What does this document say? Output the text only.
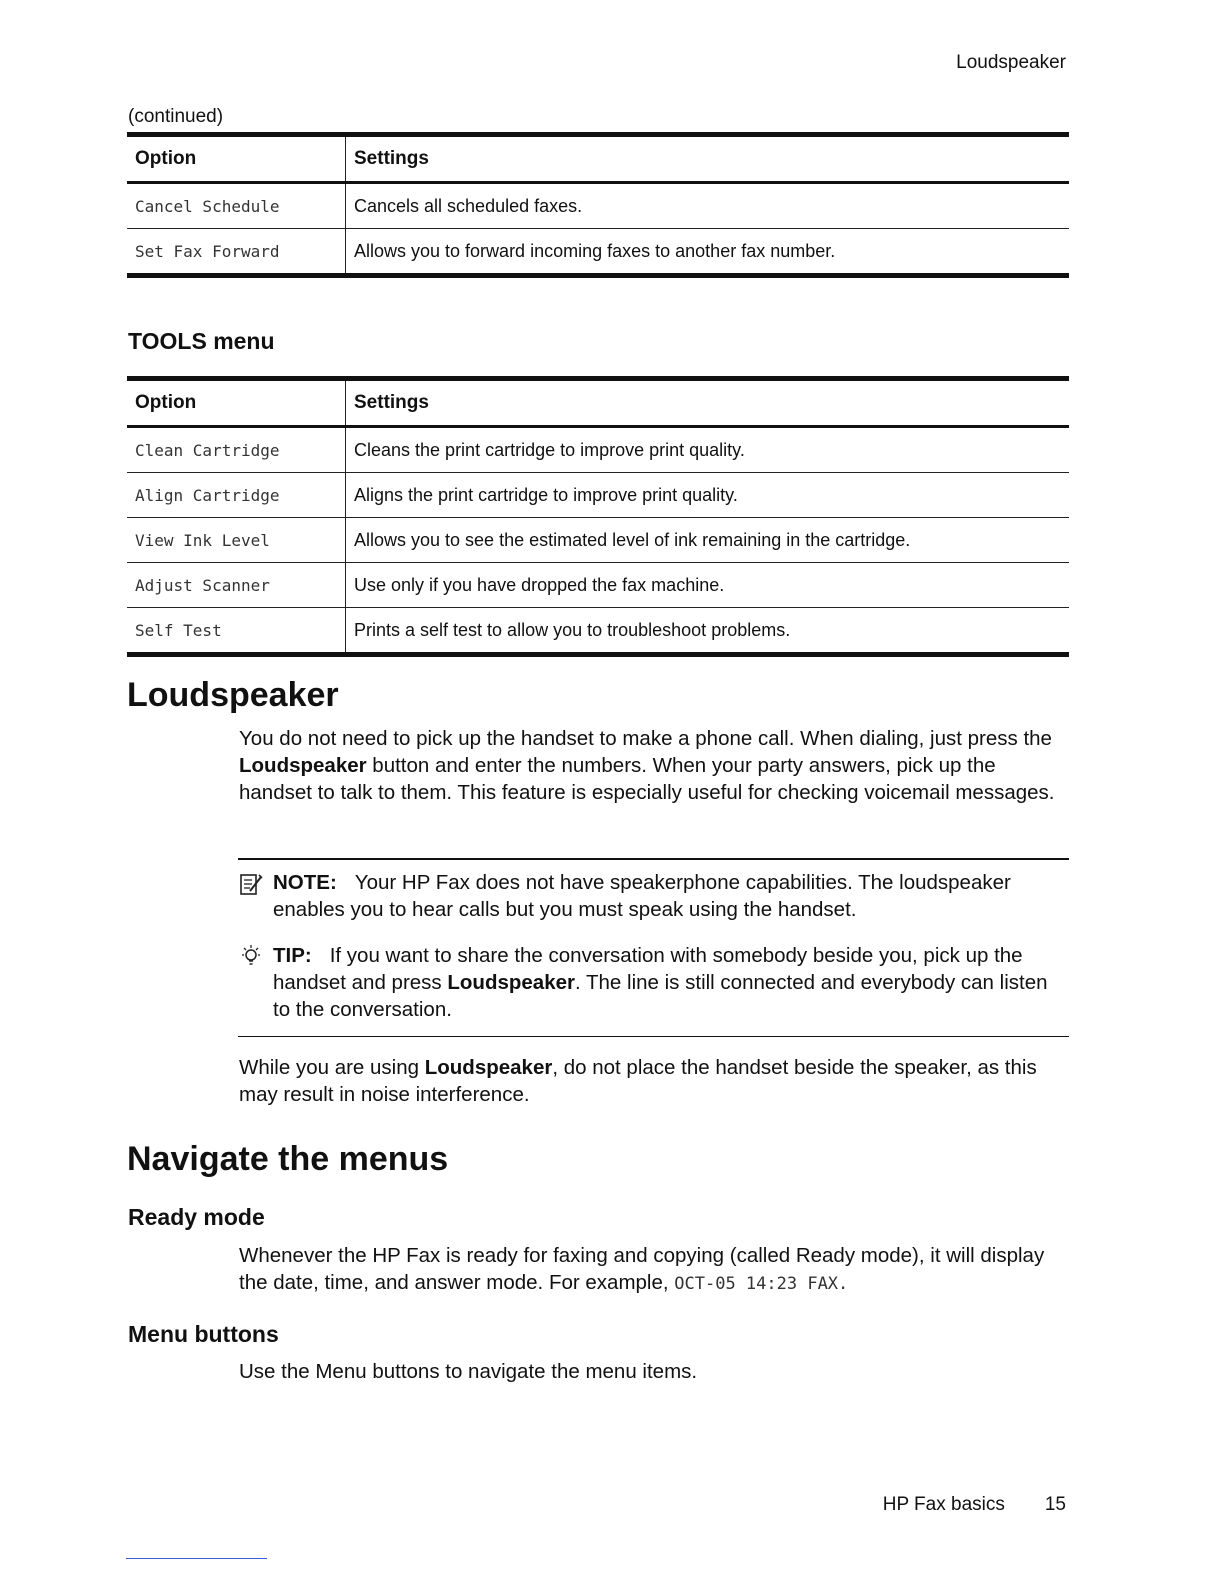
Loudspeaker
(continued)
Option	Settings
Cancel Schedule	Cancels all scheduled faxes.
Set Fax Forward	Allows you to forward incoming faxes to another fax number.
TOOLS menu
Option	Settings
Clean Cartridge	Cleans the print cartridge to improve print quality.
Align Cartridge	Aligns the print cartridge to improve print quality.
View Ink Level	Allows you to see the estimated level of ink remaining in the cartridge.
Adjust Scanner	Use only if you have dropped the fax machine.
Self Test	Prints a self test to allow you to troubleshoot problems.
Loudspeaker

You do not need to pick up the handset to make a phone call. When dialing, just press the Loudspeaker button and enter the numbers. When your party answers, pick up the handset to talk to them. This feature is especially useful for checking voicemail messages.

NOTE: Your HP Fax does not have speakerphone capabilities. The loudspeaker enables you to hear calls but you must speak using the handset.

TIP: If you want to share the conversation with somebody beside you, pick up the handset and press Loudspeaker. The line is still connected and everybody can listen to the conversation.

While you are using Loudspeaker, do not place the handset beside the speaker, as this may result in noise interference.

Navigate the menus
Ready mode

Whenever the HP Fax is ready for faxing and copying (called Ready mode), it will display the date, time, and answer mode. For example, OCT-05 14:23 FAX.

Menu buttons

Use the Menu buttons to navigate the menu items.

HP Fax basics 15
